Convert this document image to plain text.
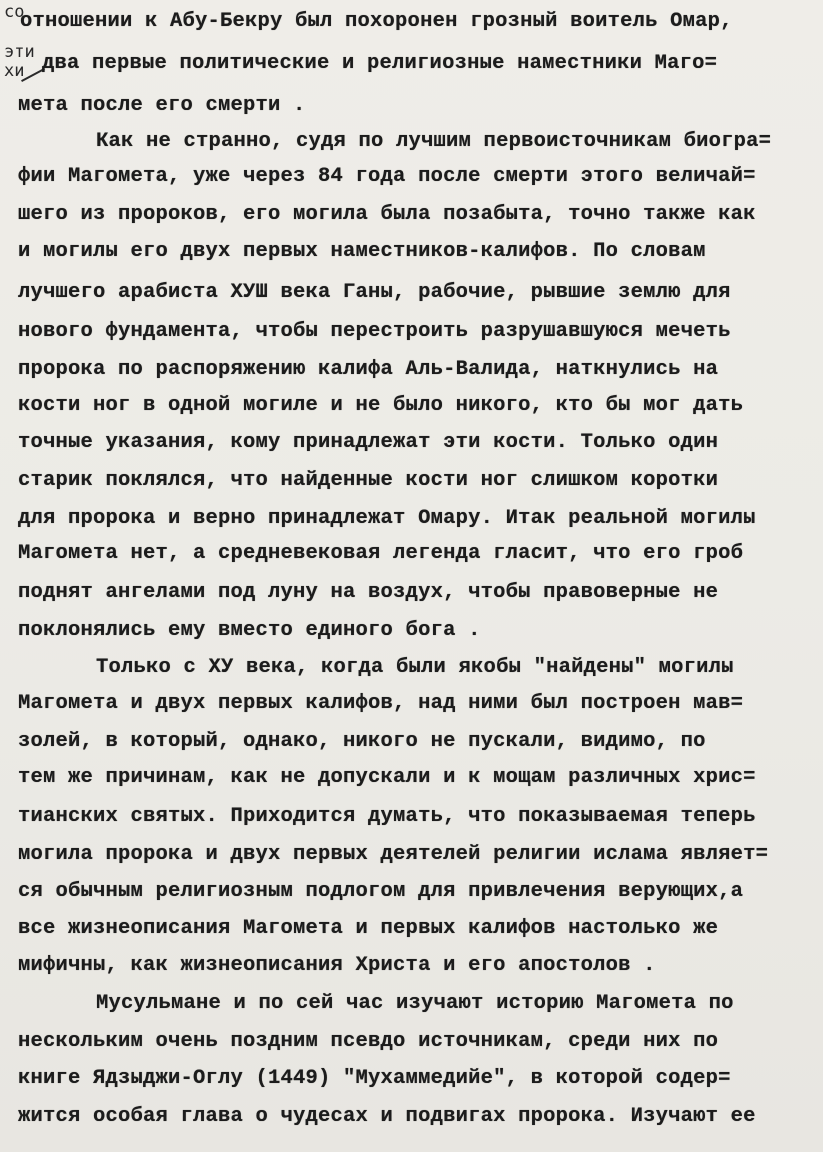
со
эти
хи
отношении к Абу-Бекру был похоронен грозный воитель Омар,
два первые политические и религиозные наместники Маго=
мета после его смерти .
Как не странно, судя по лучшим первоисточникам биогра=
фии Магомета, уже через 84 года после смерти этого величай=
шего из пророков, его могила была позабыта, точно также как
и могилы его двух первых наместников-калифов. По словам
лучшего арабиста ХУШ века Ганы, рабочие, рывшие землю для
нового фундамента, чтобы перестроить разрушавшуюся мечеть
пророка по распоряжению калифа Аль-Валида, наткнулись на
кости ног в одной могиле и не было никого, кто бы мог дать
точные указания, кому принадлежат эти кости. Только один
старик поклялся, что найденные кости ног слишком коротки
для пророка и верно принадлежат Омару. Итак реальной могилы
Магомета нет, а средневековая легенда гласит, что его гроб
поднят ангелами под луну на воздух, чтобы правоверные не
поклонялись ему вместо единого бога .
Только с ХУ века, когда были якобы "найдены" могилы
Магомета и двух первых калифов, над ними был построен мав=
золей, в который, однако, никого не пускали, видимо, по
тем же причинам, как не допускали и к мощам различных хрис=
тианских святых. Приходится думать, что показываемая теперь
могила пророка и двух первых деятелей религии ислама являет=
ся обычным религиозным подлогом для привлечения верующих,а
все жизнеописания Магомета и первых калифов настолько же
мифичны, как жизнеописания Христа и его апостолов .
Мусульмане и по сей час изучают историю Магомета по
нескольким очень поздним псевдо источникам, среди них по
книге Ядзыджи-Оглу (1449) "Мухаммедийе", в которой содер=
жится особая глава о чудесах и подвигах пророка. Изучают ее
